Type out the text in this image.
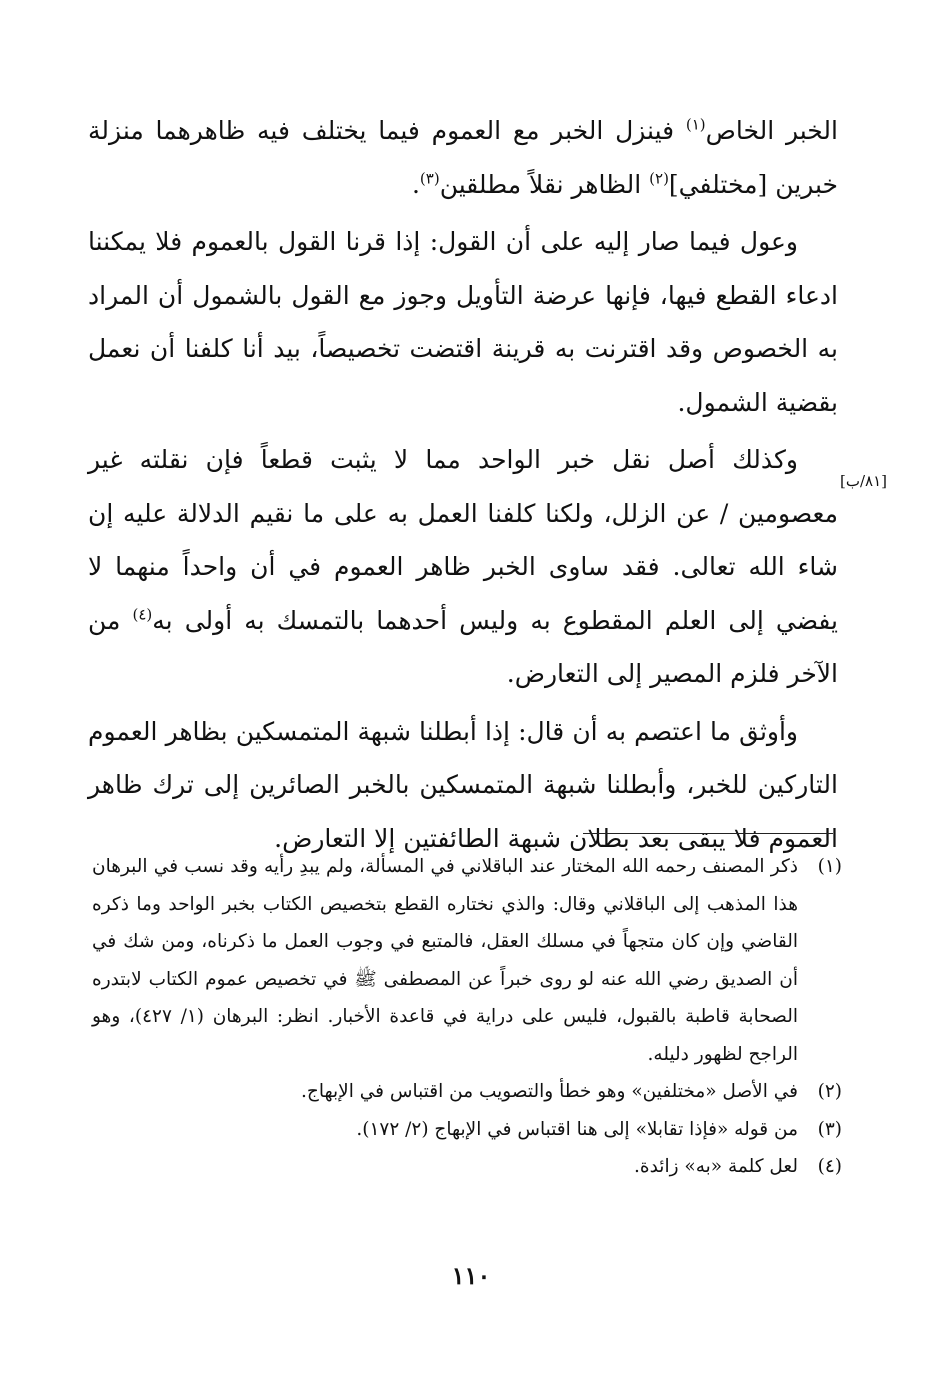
الخبر الخاص$^{(١)}$ فينزل الخبر مع العموم فيما يختلف فيه ظاهرهما منزلة خبرين [مختلفي]$^{(٢)}$ الظاهر نقلاً مطلقين$^{(٣)}$.

وعول فيما صار إليه على أن القول: إذا قرنا القول بالعموم فلا يمكننا ادعاء القطع فيها، فإنها عرضة التأويل وجوز مع القول بالشمول أن المراد به الخصوص وقد اقترنت به قرينة اقتضت تخصيصاً، بيد أنا كلفنا أن نعمل بقضية الشمول.

وكذلك أصل نقل خبر الواحد مما لا يثبت قطعاً فإن نقلته غير معصومين / عن الزلل، ولكنا كلفنا العمل به على ما نقيم الدلالة عليه إن شاء الله تعالى. فقد ساوى الخبر ظاهر العموم في أن واحداً منهما لا يفضي إلى العلم المقطوع به وليس أحدهما بالتمسك به أولى به$^{(٤)}$ من الآخر فلزم المصير إلى التعارض.

وأوثق ما اعتصم به أن قال: إذا أبطلنا شبهة المتمسكين بظاهر العموم التاركين للخبر، وأبطلنا شبهة المتمسكين بالخبر الصائرين إلى ترك ظاهر العموم فلا يبقى بعد بطلان شبهة الطائفتين إلا التعارض.

[٨١/ب]
(١)
ذكر المصنف رحمه الله المختار عند الباقلاني في المسألة، ولم يبدِ رأيه وقد نسب في البرهان هذا المذهب إلى الباقلاني وقال: والذي نختاره القطع بتخصيص الكتاب بخبر الواحد وما ذكره القاضي وإن كان متجهاً في مسلك العقل، فالمتبع في وجوب العمل ما ذكرناه، ومن شك في أن الصديق رضي الله عنه لو روى خبراً عن المصطفى ﷺ في تخصيص عموم الكتاب لابتدره الصحابة قاطبة بالقبول، فليس على دراية في قاعدة الأخبار. انظر: البرهان (١/ ٤٢٧)، وهو الراجح لظهور دليله.
(٢)
في الأصل «مختلفين» وهو خطأ والتصويب من اقتباس في الإبهاج.
(٣)
من قوله «فإذا تقابلا» إلى هنا اقتباس في الإبهاج (٢/ ١٧٢).
(٤)
لعل كلمة «به» زائدة.
١١٠
